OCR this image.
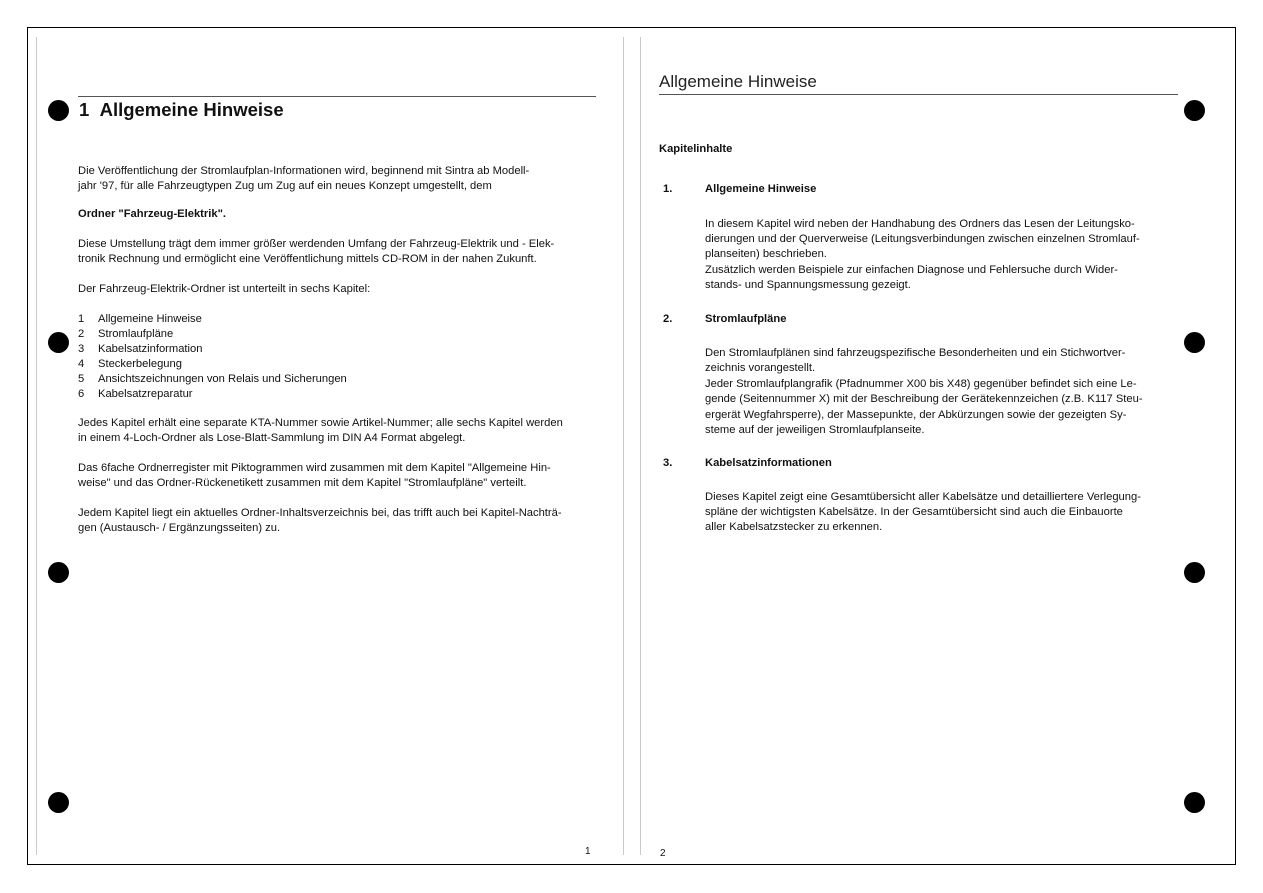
1 Allgemeine Hinweise

Die Veröffentlichung der Stromlaufplan-Informationen wird, beginnend mit Sintra ab Modell-

jahr '97, für alle Fahrzeugtypen Zug um Zug auf ein neues Konzept umgestellt, dem

Ordner "Fahrzeug-Elektrik".

Diese Umstellung trägt dem immer größer werdenden Umfang der Fahrzeug-Elektrik und - Elek-

tronik Rechnung und ermöglicht eine Veröffentlichung mittels CD-ROM in der nahen Zukunft.

Der Fahrzeug-Elektrik-Ordner ist unterteilt in sechs Kapitel:

1 Allgemeine Hinweise
2 Stromlaufpläne
3 Kabelsatzinformation
4 Steckerbelegung
5 Ansichtszeichnungen von Relais und Sicherungen
6 Kabelsatzreparatur

Jedes Kapitel erhält eine separate KTA-Nummer sowie Artikel-Nummer; alle sechs Kapitel werden

in einem 4-Loch-Ordner als Lose-Blatt-Sammlung im DIN A4 Format abgelegt.

Das 6fache Ordnerregister mit Piktogrammen wird zusammen mit dem Kapitel "Allgemeine Hin-

weise" und das Ordner-Rückenetikett zusammen mit dem Kapitel "Stromlaufpläne" verteilt.

Jedem Kapitel liegt ein aktuelles Ordner-Inhaltsverzeichnis bei, das trifft auch bei Kapitel-Nachträ-

gen (Austausch- / Ergänzungsseiten) zu.

1

Allgemeine Hinweise

Kapitelinhalte

1.	Allgemeine Hinweise

In diesem Kapitel wird neben der Handhabung des Ordners das Lesen der Leitungsko-

dierungen und der Querverweise (Leitungsverbindungen zwischen einzelnen Stromlauf-

planseiten) beschrieben.

Zusätzlich werden Beispiele zur einfachen Diagnose und Fehlersuche durch Wider-

stands- und Spannungsmessung gezeigt.

2.	Stromlaufpläne

Den Stromlaufplänen sind fahrzeugspezifische Besonderheiten und ein Stichwortver-

zeichnis vorangestellt.

Jeder Stromlaufplangrafik (Pfadnummer X00 bis X48) gegenüber befindet sich eine Le-

gende (Seitennummer X) mit der Beschreibung der Gerätekennzeichen (z.B. K117 Steu-

ergerät Wegfahrsperre), der Massepunkte, der Abkürzungen sowie der gezeigten Sy-

steme auf der jeweiligen Stromlaufplanseite.

3.	Kabelsatzinformationen

Dieses Kapitel zeigt eine Gesamtübersicht aller Kabelsätze und detailliertere Verlegung-

spläne der wichtigsten Kabelsätze. In der Gesamtübersicht sind auch die Einbauorte

aller Kabelsatzstecker zu erkennen.

2
